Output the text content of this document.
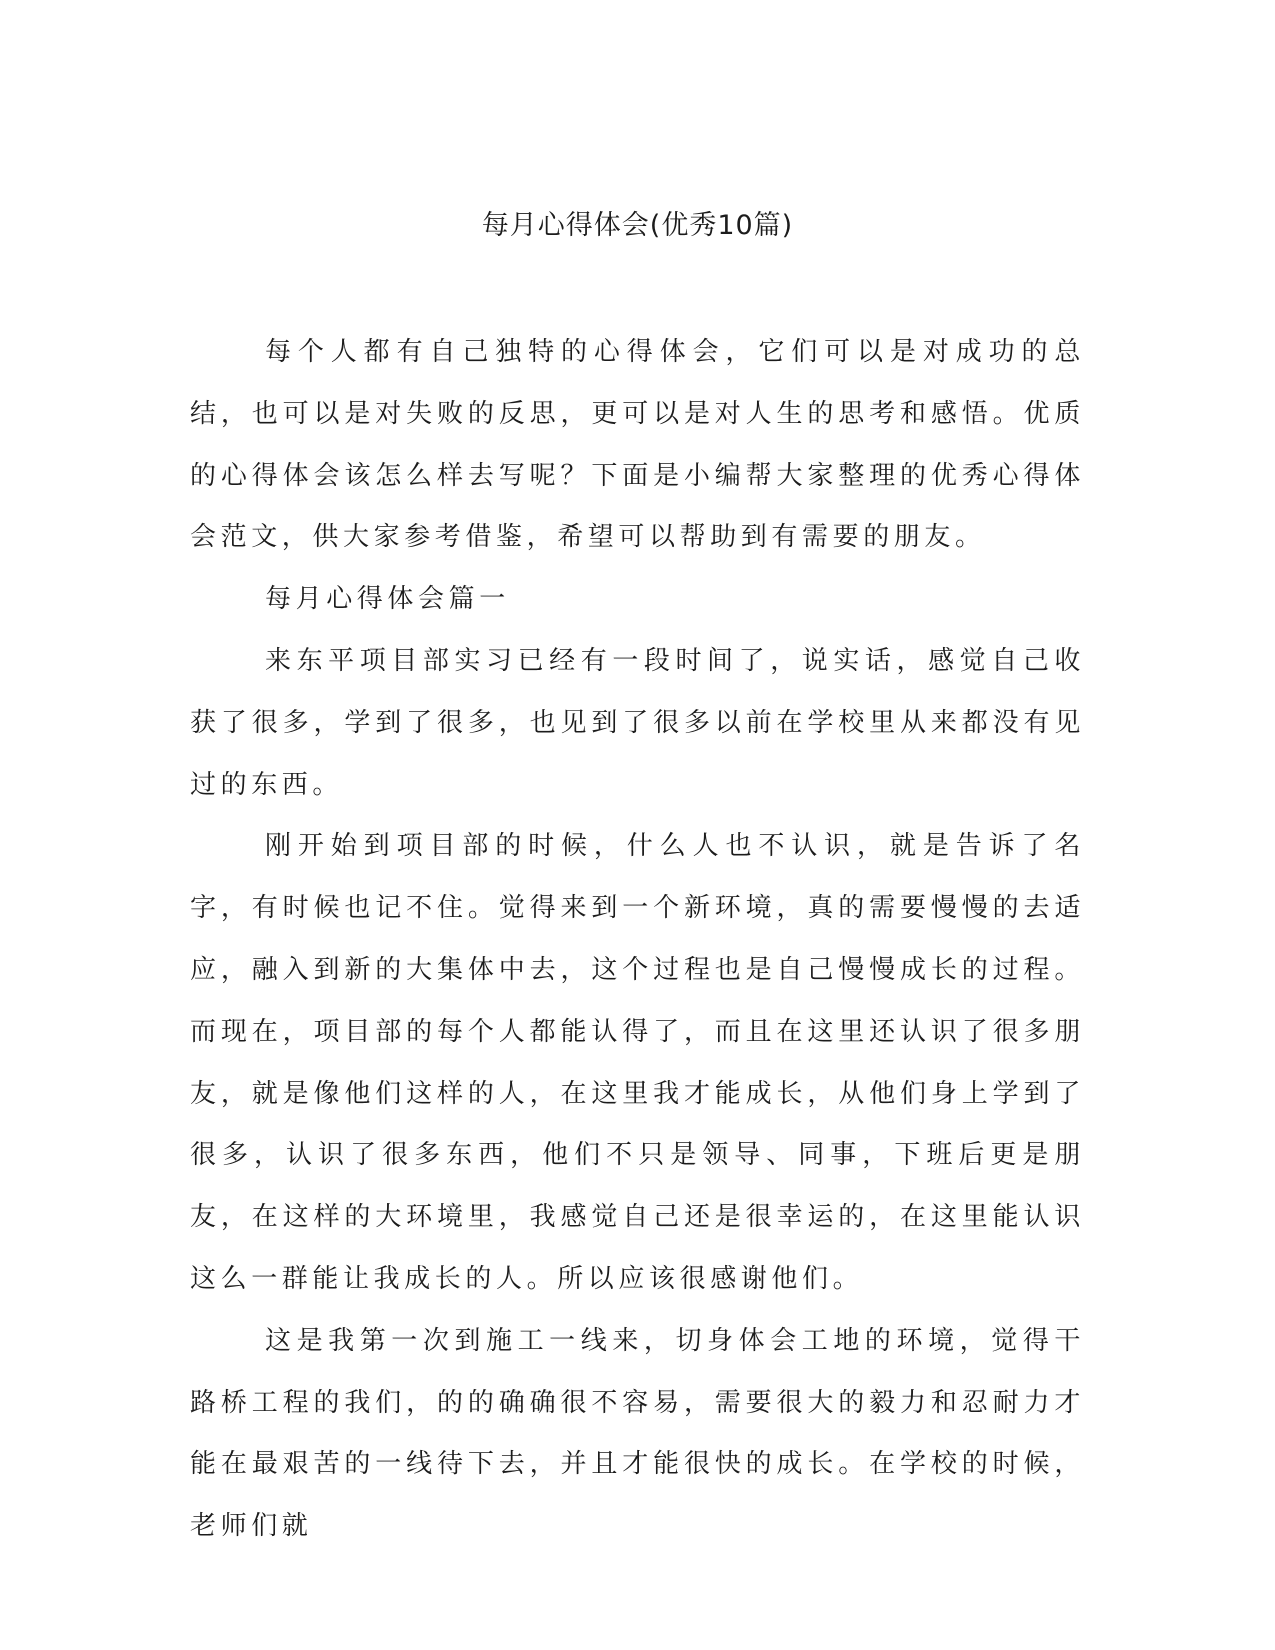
每月心得体会(优秀10篇)

每个人都有自己独特的心得体会，它们可以是对成功的总结，也可以是对失败的反思，更可以是对人生的思考和感悟。优质的心得体会该怎么样去写呢？下面是小编帮大家整理的优秀心得体会范文，供大家参考借鉴，希望可以帮助到有需要的朋友。

每月心得体会篇一

来东平项目部实习已经有一段时间了，说实话，感觉自己收获了很多，学到了很多，也见到了很多以前在学校里从来都没有见过的东西。

刚开始到项目部的时候，什么人也不认识，就是告诉了名字，有时候也记不住。觉得来到一个新环境，真的需要慢慢的去适应，融入到新的大集体中去，这个过程也是自己慢慢成长的过程。而现在，项目部的每个人都能认得了，而且在这里还认识了很多朋友，就是像他们这样的人，在这里我才能成长，从他们身上学到了很多，认识了很多东西，他们不只是领导、同事，下班后更是朋友，在这样的大环境里，我感觉自己还是很幸运的，在这里能认识这么一群能让我成长的人。所以应该很感谢他们。

这是我第一次到施工一线来，切身体会工地的环境，觉得干路桥工程的我们，的的确确很不容易，需要很大的毅力和忍耐力才能在最艰苦的一线待下去，并且才能很快的成长。在学校的时候，老师们就
